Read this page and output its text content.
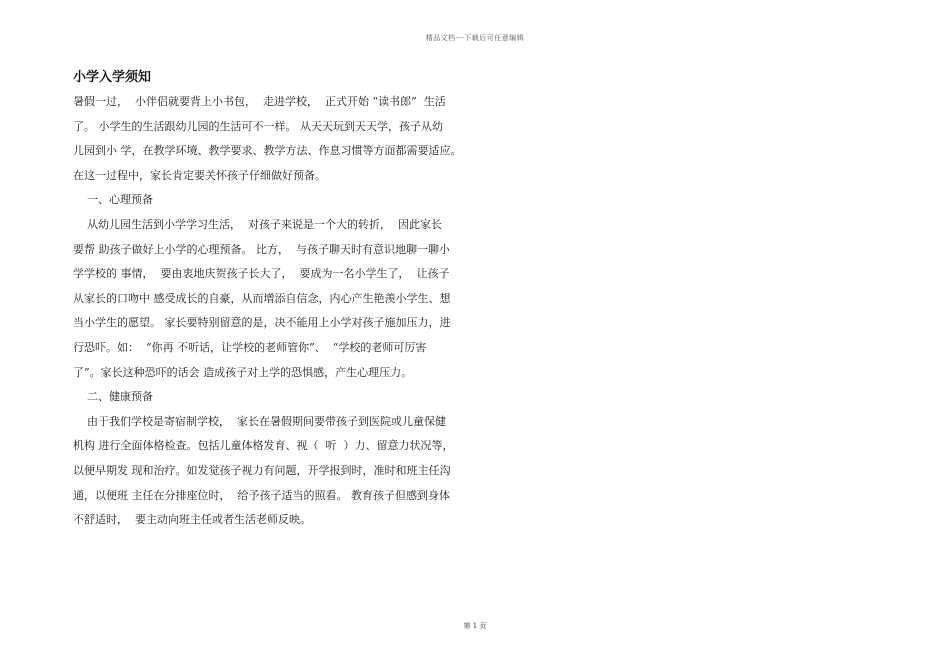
精品文档---下载后可任意编辑
小学入学须知
暑假一过，  小伴侣就要背上小书包，  走进学校，  正式开始 “读书郎”  生活
了。 小学生的生活跟幼儿园的生活可不一样。 从天天玩到天天学，孩子从幼
儿园到小 学，在教学环境、教学要求、教学方法、作息习惯等方面都需要适应。
在这一过程中，家长肯定要关怀孩子仔细做好预备。
一、心理预备
从幼儿园生活到小学学习生活，  对孩子来说是一个大的转折，  因此家长
要帮 助孩子做好上小学的心理预备。 比方，  与孩子聊天时有意识地聊一聊小
学学校的 事情，  要由衷地庆贺孩子长大了，  要成为一名小学生了，  让孩子
从家长的口吻中 感受成长的自豪，从而增添自信念，内心产生艳羡小学生、想
当小学生的愿望。 家长要特别留意的是，决不能用上小学对孩子施加压力，进
行恐吓。如：  “你再 不听话，让学校的老师管你”、  “学校的老师可厉害
了”。家长这种恐吓的话会 造成孩子对上学的恐惧感，产生心理压力。
二、健康预备
由于我们学校是寄宿制学校，  家长在暑假期间要带孩子到医院或儿童保健
机构 进行全面体格检查。包括儿童体格发育、视（  听  ）力、留意力状况等，
以便早期发 现和治疗。如发觉孩子视力有问题，开学报到时，准时和班主任沟
通，以便班 主任在分排座位时，  给予孩子适当的照看。 教育孩子但感到身体
不舒适时，  要主动向班主任或者生活老师反映。
第 1 页
